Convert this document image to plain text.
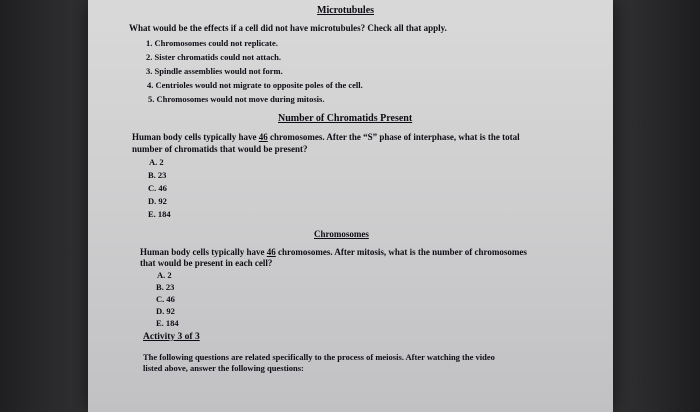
Microtubules
What would be the effects if a cell did not have microtubules? Check all that apply.
1. Chromosomes could not replicate.
2. Sister chromatids could not attach.
3. Spindle assemblies would not form.
4. Centrioles would not migrate to opposite poles of the cell.
5. Chromosomes would not move during mitosis.
Number of Chromatids Present
Human body cells typically have 46 chromosomes. After the “S” phase of interphase, what is the total
number of chromatids that would be present?
A. 2
B. 23
C. 46
D. 92
E. 184
Chromosomes
Human body cells typically have 46 chromosomes. After mitosis, what is the number of chromosomes
that would be present in each cell?
A. 2
B. 23
C. 46
D. 92
E. 184
Activity 3 of 3
The following questions are related specifically to the process of meiosis. After watching the video
listed above, answer the following questions:
